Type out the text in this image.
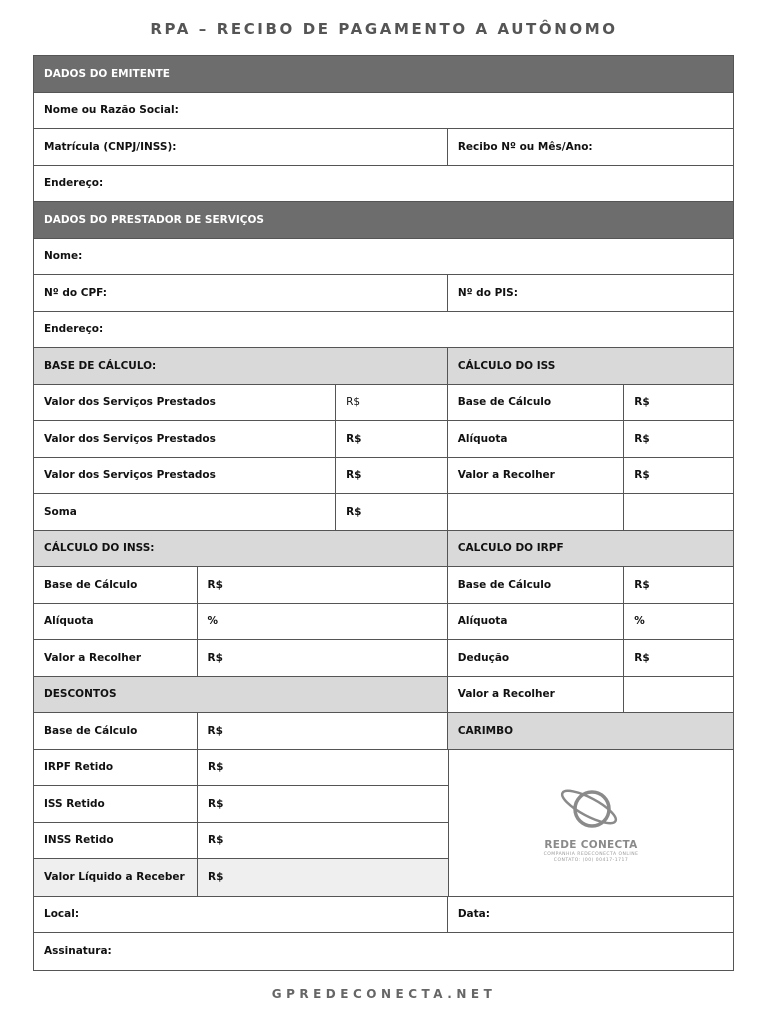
RPA – RECIBO DE PAGAMENTO A AUTÔNOMO
DADOS DO EMITENTE
Nome ou Razão Social:
Matrícula (CNPJ/INSS):	Recibo Nº ou Mês/Ano:
Endereço:
DADOS DO PRESTADOR DE SERVIÇOS
Nome:
Nº do CPF:	Nº do PIS:
Endereço:
BASE DE CÁLCULO:	CÁLCULO DO ISS
Valor dos Serviços Prestados	R$	Base de Cálculo	R$
Valor dos Serviços Prestados	R$	Alíquota	R$
Valor dos Serviços Prestados	R$	Valor a Recolher	R$
Soma	R$
CÁLCULO DO INSS:	CALCULO DO IRPF
Base de Cálculo	R$	Base de Cálculo	R$
Alíquota	%	Alíquota	%
Valor a Recolher	R$	Dedução	R$
DESCONTOS	Valor a Recolher
Base de Cálculo	R$	CARIMBO
IRPF Retido	R$
ISS Retido	R$
INSS Retido	R$
Valor Líquido a Receber	R$
REDE CONECTA
COMPANHIA REDECONECTA ONLINE
CONTATO: (00) 00417-1717
Local:	Data:
Assinatura:
GPREDECONECTA.NET
